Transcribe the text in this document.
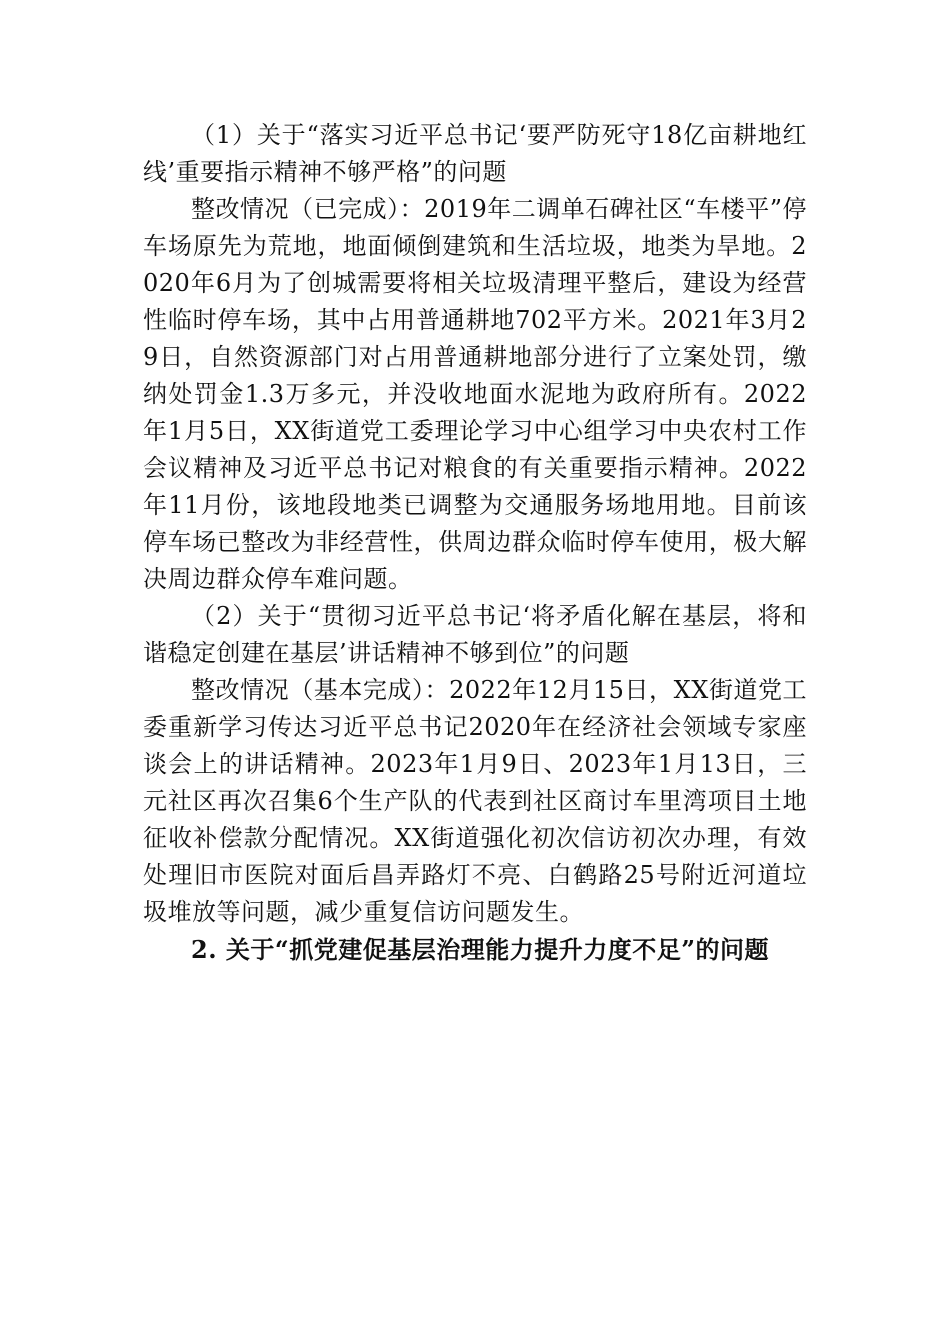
（1）关于“落实习近平总书记‘要严防死守18亿亩耕地红线’重要指示精神不够严格”的问题

整改情况（已完成）：2019年二调单石碑社区“车楼平”停车场原先为荒地，地面倾倒建筑和生活垃圾，地类为旱地。2020年6月为了创城需要将相关垃圾清理平整后，建设为经营性临时停车场，其中占用普通耕地702平方米。2021年3月29日，自然资源部门对占用普通耕地部分进行了立案处罚，缴纳处罚金1.3万多元，并没收地面水泥地为政府所有。2022年1月5日，XX街道党工委理论学习中心组学习中央农村工作会议精神及习近平总书记对粮食的有关重要指示精神。2022年11月份，该地段地类已调整为交通服务场地用地。目前该停车场已整改为非经营性，供周边群众临时停车使用，极大解决周边群众停车难问题。

（2）关于“贯彻习近平总书记‘将矛盾化解在基层，将和谐稳定创建在基层’讲话精神不够到位”的问题

整改情况（基本完成）：2022年12月15日，XX街道党工委重新学习传达习近平总书记2020年在经济社会领域专家座谈会上的讲话精神。2023年1月9日、2023年1月13日，三元社区再次召集6个生产队的代表到社区商讨车里湾项目土地征收补偿款分配情况。XX街道强化初次信访初次办理，有效处理旧市医院对面后昌弄路灯不亮、白鹤路25号附近河道垃圾堆放等问题，减少重复信访问题发生。

2. 关于“抓党建促基层治理能力提升力度不足”的问题
